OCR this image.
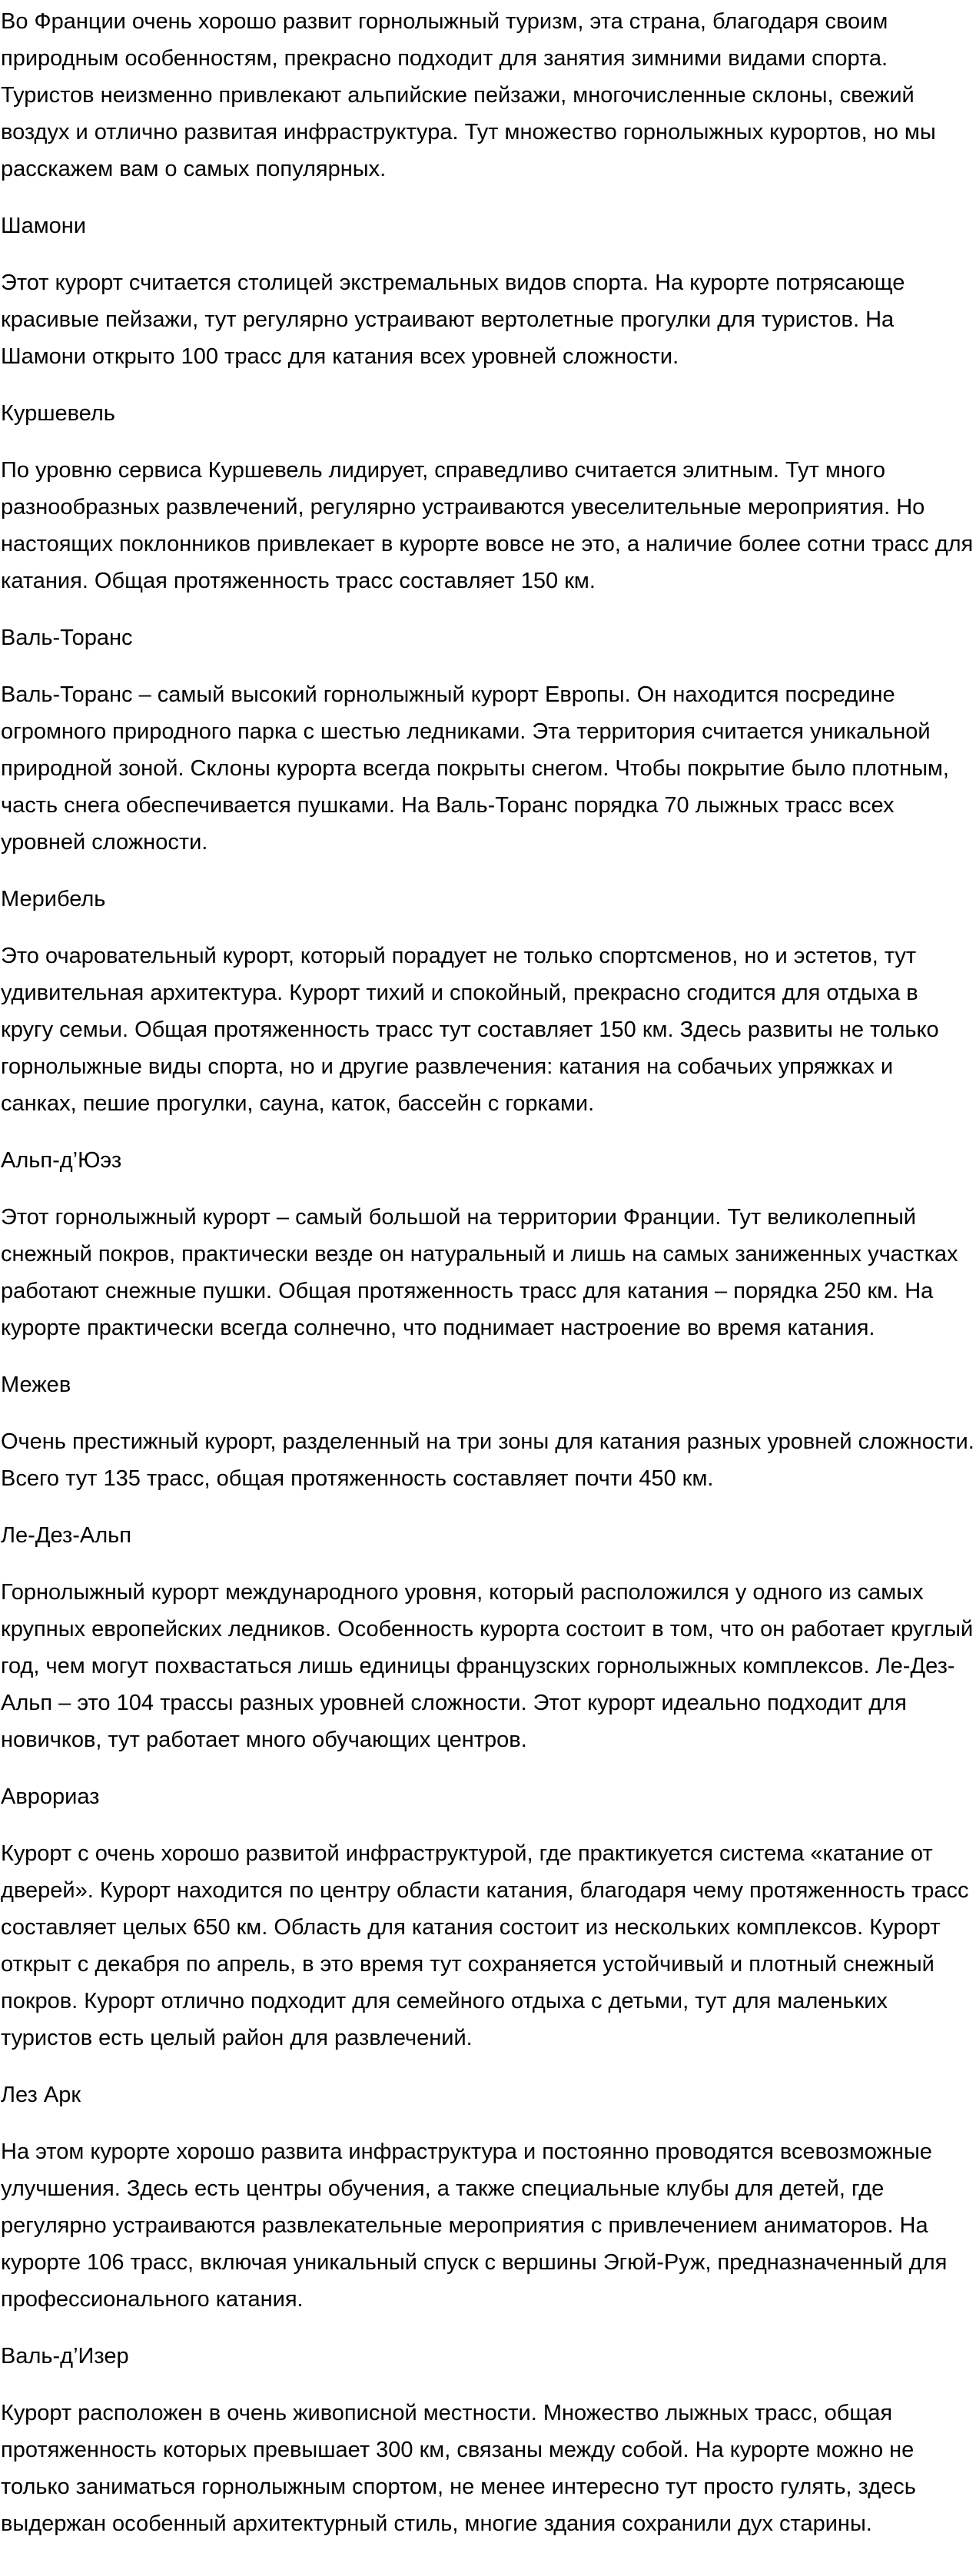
Во Франции очень хорошо развит горнолыжный туризм, эта страна, благодаря своим природным особенностям, прекрасно подходит для занятия зимними видами спорта. Туристов неизменно привлекают альпийские пейзажи, многочисленные склоны, свежий воздух и отлично развитая инфраструктура. Тут множество горнолыжных курортов, но мы расскажем вам о самых популярных.

Шамони

Этот курорт считается столицей экстремальных видов спорта. На курорте потрясающе красивые пейзажи, тут регулярно устраивают вертолетные прогулки для туристов. На Шамони открыто 100 трасс для катания всех уровней сложности.

Куршевель

По уровню сервиса Куршевель лидирует, справедливо считается элитным. Тут много разнообразных развлечений, регулярно устраиваются увеселительные мероприятия. Но настоящих поклонников привлекает в курорте вовсе не это, а наличие более сотни трасс для катания. Общая протяженность трасс составляет 150 км.

Валь-Торанс

Валь-Торанс – самый высокий горнолыжный курорт Европы. Он находится посредине огромного природного парка с шестью ледниками. Эта территория считается уникальной природной зоной. Склоны курорта всегда покрыты снегом. Чтобы покрытие было плотным, часть снега обеспечивается пушками. На Валь-Торанс порядка 70 лыжных трасс всех уровней сложности.

Мерибель

Это очаровательный курорт, который порадует не только спортсменов, но и эстетов, тут удивительная архитектура. Курорт тихий и спокойный, прекрасно сгодится для отдыха в кругу семьи. Общая протяженность трасс тут составляет 150 км. Здесь развиты не только горнолыжные виды спорта, но и другие развлечения: катания на собачьих упряжках и санках, пешие прогулки, сауна, каток, бассейн с горками.

Альп-д’Юэз

Этот горнолыжный курорт – самый большой на территории Франции. Тут великолепный снежный покров, практически везде он натуральный и лишь на самых заниженных участках работают снежные пушки. Общая протяженность трасс для катания – порядка 250 км. На курорте практически всегда солнечно, что поднимает настроение во время катания.

Межев

Очень престижный курорт, разделенный на три зоны для катания разных уровней сложности. Всего тут 135 трасс, общая протяженность составляет почти 450 км.

Ле-Дез-Альп

Горнолыжный курорт международного уровня, который расположился у одного из самых крупных европейских ледников. Особенность курорта состоит в том, что он работает круглый год, чем могут похвастаться лишь единицы французских горнолыжных комплексов. Ле-Дез-Альп – это 104 трассы разных уровней сложности. Этот курорт идеально подходит для новичков, тут работает много обучающих центров.

Аврориаз

Курорт с очень хорошо развитой инфраструктурой, где практикуется система «катание от дверей». Курорт находится по центру области катания, благодаря чему протяженность трасс составляет целых 650 км. Область для катания состоит из нескольких комплексов. Курорт открыт с декабря по апрель, в это время тут сохраняется устойчивый и плотный снежный покров. Курорт отлично подходит для семейного отдыха с детьми, тут для маленьких туристов есть целый район для развлечений.

Лез Арк

На этом курорте хорошо развита инфраструктура и постоянно проводятся всевозможные улучшения. Здесь есть центры обучения, а также специальные клубы для детей, где регулярно устраиваются развлекательные мероприятия с привлечением аниматоров. На курорте 106 трасс, включая уникальный спуск с вершины Эгюй-Руж, предназначенный для профессионального катания.

Валь-д’Изер

Курорт расположен в очень живописной местности. Множество лыжных трасс, общая протяженность которых превышает 300 км, связаны между собой. На курорте можно не только заниматься горнолыжным спортом, не менее интересно тут просто гулять, здесь выдержан особенный архитектурный стиль, многие здания сохранили дух старины.
